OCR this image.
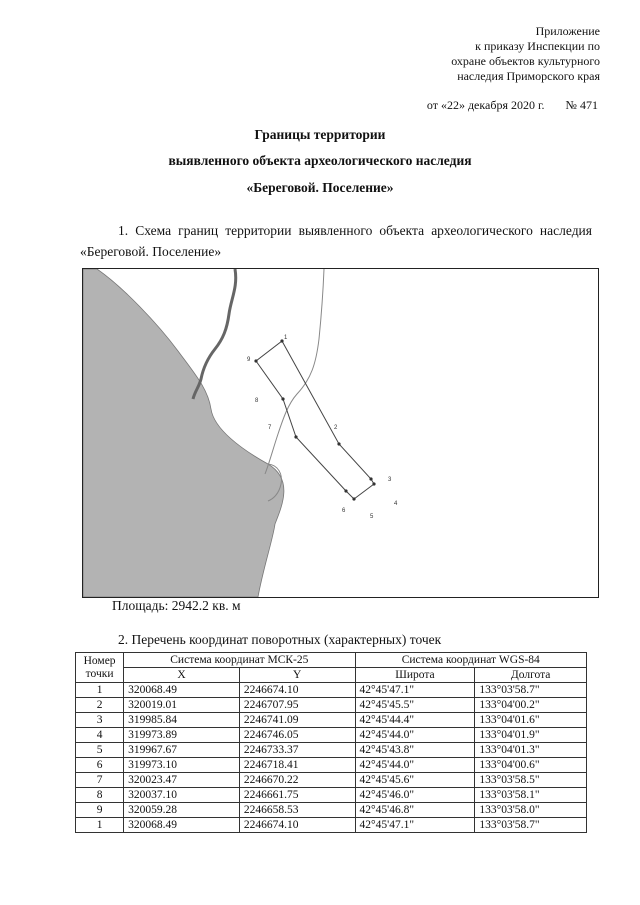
Приложение
к приказу Инспекции по
охране объектов культурного
наследия Приморского края
от «22» декабря 2020 г. № 471
Границы территории
выявленного объекта археологического наследия
«Береговой. Поселение»
1. Схема границ территории выявленного объекта археологического наследия «Береговой. Поселение»
1
2
3
4
5
6
7
8
9
Площадь: 2942.2 кв. м
2. Перечень координат поворотных (характерных) точек
Номер точки	Система координат МСК-25		Система координат WGS-84	
	X	Y	Широта	Долгота
1	320068.49	2246674.10	42°45'47.1"	133°03'58.7"
2	320019.01	2246707.95	42°45'45.5"	133°04'00.2"
3	319985.84	2246741.09	42°45'44.4"	133°04'01.6"
4	319973.89	2246746.05	42°45'44.0"	133°04'01.9"
5	319967.67	2246733.37	42°45'43.8"	133°04'01.3"
6	319973.10	2246718.41	42°45'44.0"	133°04'00.6"
7	320023.47	2246670.22	42°45'45.6"	133°03'58.5"
8	320037.10	2246661.75	42°45'46.0"	133°03'58.1"
9	320059.28	2246658.53	42°45'46.8"	133°03'58.0"
1	320068.49	2246674.10	42°45'47.1"	133°03'58.7"
